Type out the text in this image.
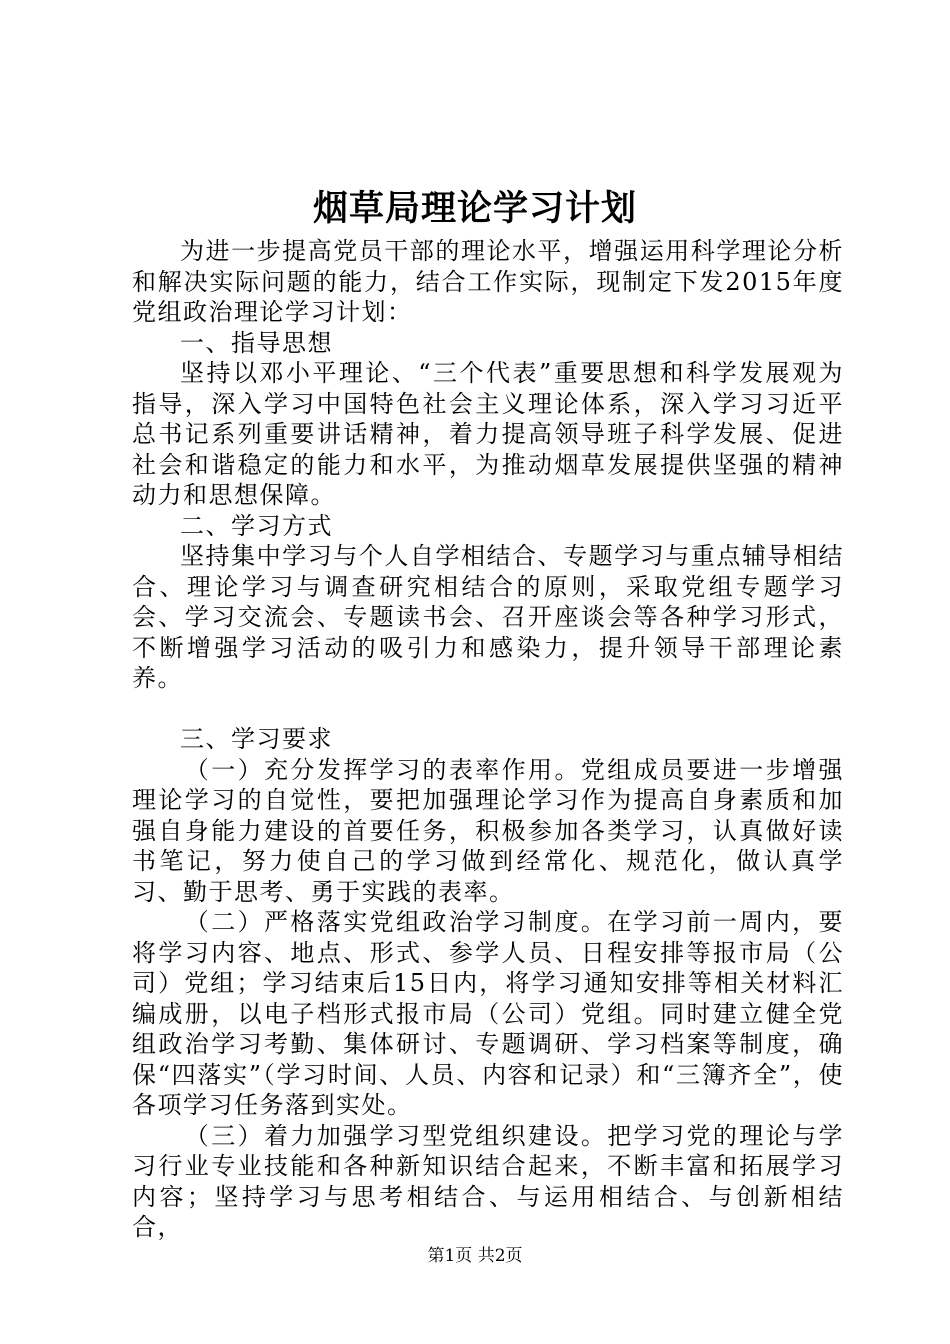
烟草局理论学习计划

为进一步提高党员干部的理论水平，增强运用科学理论分析和解决实际问题的能力，结合工作实际，现制定下发2015年度党组政治理论学习计划：

一、指导思想

坚持以邓小平理论、“三个代表”重要思想和科学发展观为指导，深入学习中国特色社会主义理论体系，深入学习习近平总书记系列重要讲话精神，着力提高领导班子科学发展、促进社会和谐稳定的能力和水平，为推动烟草发展提供坚强的精神动力和思想保障。

二、学习方式

坚持集中学习与个人自学相结合、专题学习与重点辅导相结合、理论学习与调查研究相结合的原则，采取党组专题学习会、学习交流会、专题读书会、召开座谈会等各种学习形式，不断增强学习活动的吸引力和感染力，提升领导干部理论素养。

三、学习要求

（一）充分发挥学习的表率作用。党组成员要进一步增强理论学习的自觉性，要把加强理论学习作为提高自身素质和加强自身能力建设的首要任务，积极参加各类学习，认真做好读书笔记，努力使自己的学习做到经常化、规范化，做认真学习、勤于思考、勇于实践的表率。

（二）严格落实党组政治学习制度。在学习前一周内，要将学习内容、地点、形式、参学人员、日程安排等报市局（公司）党组；学习结束后15日内，将学习通知安排等相关材料汇编成册，以电子档形式报市局（公司）党组。同时建立健全党组政治学习考勤、集体研讨、专题调研、学习档案等制度，确保“四落实”（学习时间、人员、内容和记录）和“三簿齐全”，使各项学习任务落到实处。

（三）着力加强学习型党组织建设。把学习党的理论与学习行业专业技能和各种新知识结合起来，不断丰富和拓展学习内容；坚持学习与思考相结合、与运用相结合、与创新相结合，

第1页 共2页
